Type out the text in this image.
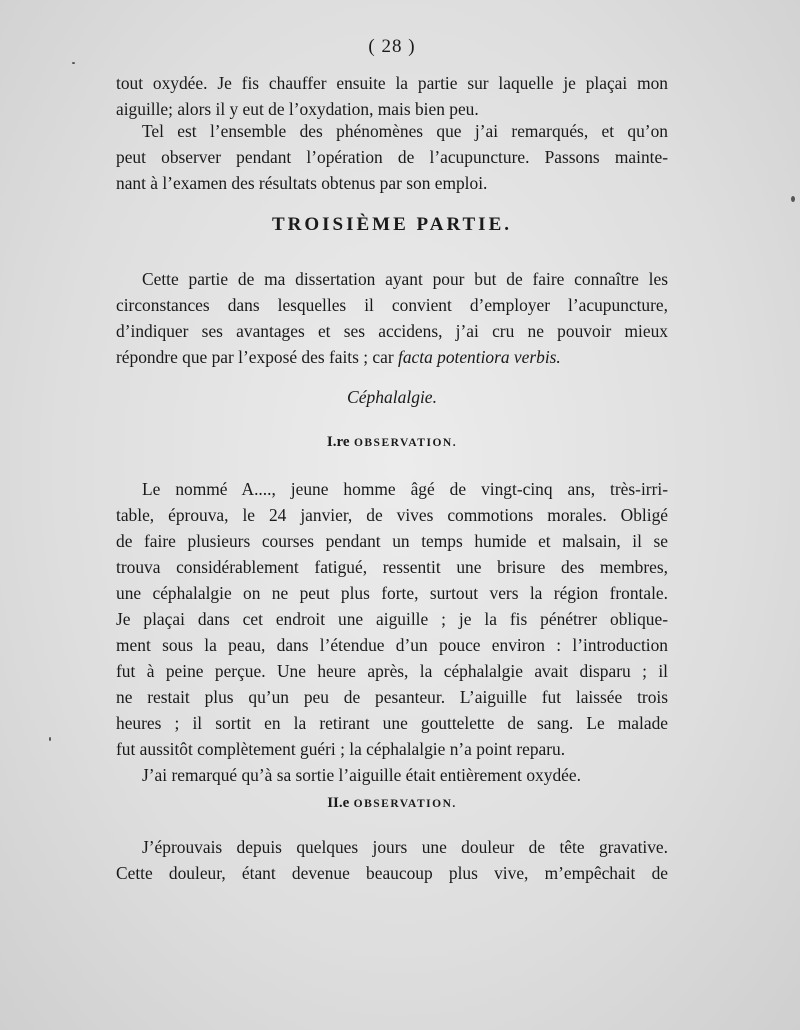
( 28 )
tout oxydée. Je fis chauffer ensuite la partie sur laquelle je plaçai mon
aiguille; alors il y eut de l’oxydation, mais bien peu.
Tel est l’ensemble des phénomènes que j’ai remarqués, et qu’on
peut observer pendant l’opération de l’acupuncture. Passons mainte-
nant à l’examen des résultats obtenus par son emploi.
TROISIÈME PARTIE.
Cette partie de ma dissertation ayant pour but de faire connaître les
circonstances dans lesquelles il convient d’employer l’acupuncture,
d’indiquer ses avantages et ses accidens, j’ai cru ne pouvoir mieux
répondre que par l’exposé des faits ; car facta potentiora verbis.
Céphalalgie.
I.re OBSERVATION.
Le nommé A...., jeune homme âgé de vingt-cinq ans, très-irri-
table, éprouva, le 24 janvier, de vives commotions morales. Obligé
de faire plusieurs courses pendant un temps humide et malsain, il se
trouva considérablement fatigué, ressentit une brisure des membres,
une céphalalgie on ne peut plus forte, surtout vers la région frontale.
Je plaçai dans cet endroit une aiguille ; je la fis pénétrer oblique-
ment sous la peau, dans l’étendue d’un pouce environ : l’introduction
fut à peine perçue. Une heure après, la céphalalgie avait disparu ; il
ne restait plus qu’un peu de pesanteur. L’aiguille fut laissée trois
heures ; il sortit en la retirant une gouttelette de sang. Le malade
fut aussitôt complètement guéri ; la céphalalgie n’a point reparu.
J’ai remarqué qu’à sa sortie l’aiguille était entièrement oxydée.
II.e OBSERVATION.
J’éprouvais depuis quelques jours une douleur de tête gravative.
Cette douleur, étant devenue beaucoup plus vive, m’empêchait de
